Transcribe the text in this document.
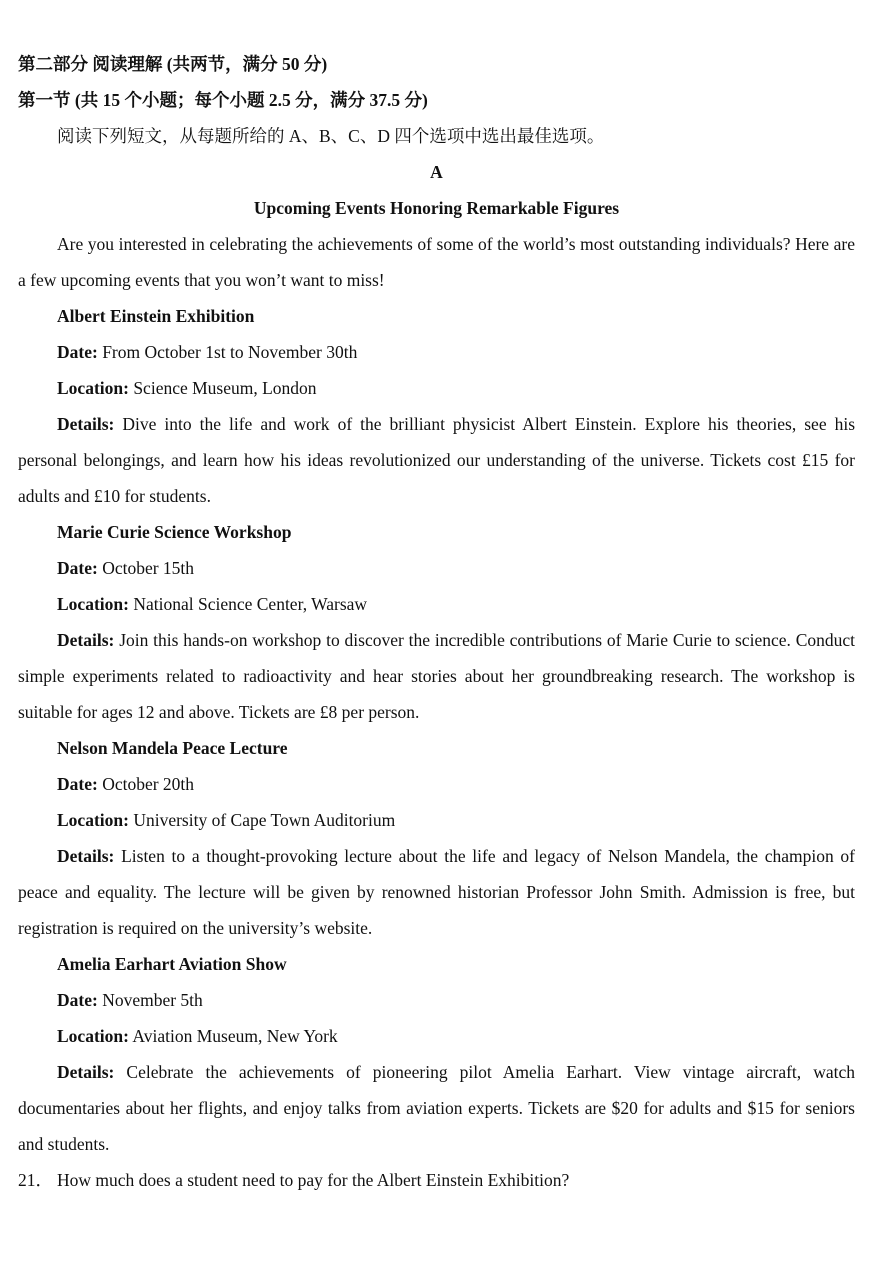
第二部分 阅读理解 (共两节，满分 50 分)

第一节 (共 15 个小题；每个小题 2.5 分，满分 37.5 分)

阅读下列短文，从每题所给的 A、B、C、D 四个选项中选出最佳选项。

A

Upcoming Events Honoring Remarkable Figures

Are you interested in celebrating the achievements of some of the world’s most outstanding individuals? Here are a few upcoming events that you won’t want to miss!

Albert Einstein Exhibition

Date: From October 1st to November 30th

Location: Science Museum, London

Details: Dive into the life and work of the brilliant physicist Albert Einstein. Explore his theories, see his personal belongings, and learn how his ideas revolutionized our understanding of the universe. Tickets cost £15 for adults and £10 for students.

Marie Curie Science Workshop

Date: October 15th

Location: National Science Center, Warsaw

Details: Join this hands-on workshop to discover the incredible contributions of Marie Curie to science. Conduct simple experiments related to radioactivity and hear stories about her groundbreaking research. The workshop is suitable for ages 12 and above. Tickets are £8 per person.

Nelson Mandela Peace Lecture

Date: October 20th

Location: University of Cape Town Auditorium

Details: Listen to a thought-provoking lecture about the life and legacy of Nelson Mandela, the champion of peace and equality. The lecture will be given by renowned historian Professor John Smith. Admission is free, but registration is required on the university’s website.

Amelia Earhart Aviation Show

Date: November 5th

Location: Aviation Museum, New York

Details: Celebrate the achievements of pioneering pilot Amelia Earhart. View vintage aircraft, watch documentaries about her flights, and enjoy talks from aviation experts. Tickets are $20 for adults and $15 for seniors and students.

21． How much does a student need to pay for the Albert Einstein Exhibition?
